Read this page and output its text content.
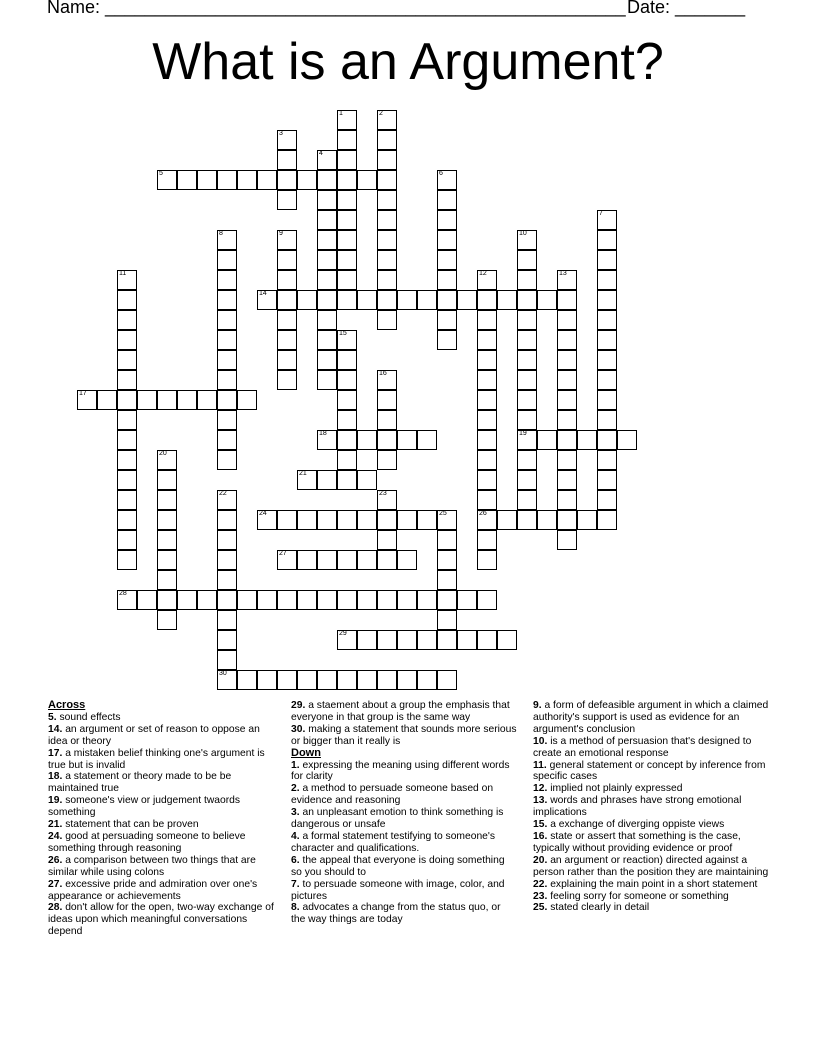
Name: ____________________________________________________ Date: _______
What is an Argument?
1	2
3
4
5	6
7
8	9	10
19
11	12
26
13
14
15
16
17
18
20
21
22
30
23
24	25
27
28
29

Across

5. sound effects

14. an argument or set of reason to oppose an idea or theory

17. a mistaken belief thinking one's argument is true but is invalid

18. a statement or theory made to be be maintained true

19. someone's view or judgement twaords something

21. statement that can be proven

24. good at persuading someone to believe something through reasoning

26. a comparison between two things that are similar while using colons

27. excessive pride and admiration over one's appearance or achievements

28. don't allow for the open, two-way exchange of ideas upon which meaningful conversations depend

29. a staement about a group the emphasis that everyone in that group is the same way

30. making a statement that sounds more serious or bigger than it really is

Down

1. expressing the meaning using different words for clarity

2. a method to persuade someone based on evidence and reasoning

3. an unpleasant emotion to think something is dangerous or unsafe

4. a formal statement testifying to someone's character and qualifications.

6. the appeal that everyone is doing something so you should to

7. to persuade someone with image, color, and pictures

8. advocates a change from the status quo, or the way things are today

9. a form of defeasible argument in which a claimed authority's support is used as evidence for an argument's conclusion

10. is a method of persuasion that's designed to create an emotional response

11. general statement or concept by inference from specific cases

12. implied not plainly expressed

13. words and phrases have strong emotional implications

15. a exchange of diverging oppiste views

16. state or assert that something is the case, typically without providing evidence or proof

20. an argument or reaction) directed against a person rather than the position they are maintaining

22. explaining the main point in a short statement

23. feeling sorry for someone or something

25. stated clearly in detail
